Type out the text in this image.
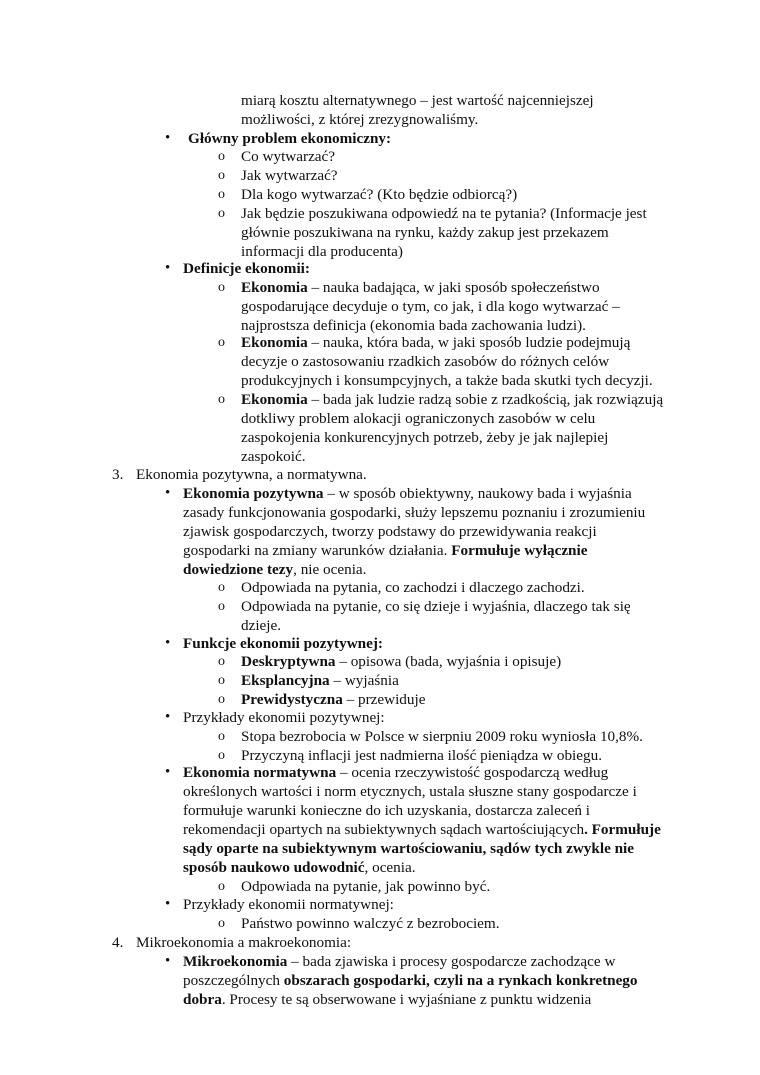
miarą kosztu alternatywnego – jest wartość najcenniejszej
możliwości, z której zrezygnowaliśmy.
• Główny problem ekonomiczny:
o Co wytwarzać?
o Jak wytwarzać?
o Dla kogo wytwarzać? (Kto będzie odbiorcą?)
o Jak będzie poszukiwana odpowiedź na te pytania? (Informacje jest
głównie poszukiwana na rynku, każdy zakup jest przekazem
informacji dla producenta)
• Definicje ekonomii:
o Ekonomia – nauka badająca, w jaki sposób społeczeństwo
gospodarujące decyduje o tym, co jak, i dla kogo wytwarzać –
najprostsza definicja (ekonomia bada zachowania ludzi).
o Ekonomia – nauka, która bada, w jaki sposób ludzie podejmują
decyzje o zastosowaniu rzadkich zasobów do różnych celów
produkcyjnych i konsumpcyjnych, a także bada skutki tych decyzji.
o Ekonomia – bada jak ludzie radzą sobie z rzadkością, jak rozwiązują
dotkliwy problem alokacji ograniczonych zasobów w celu
zaspokojenia konkurencyjnych potrzeb, żeby je jak najlepiej
zaspokoić.
3. Ekonomia pozytywna, a normatywna.
• Ekonomia pozytywna – w sposób obiektywny, naukowy bada i wyjaśnia
zasady funkcjonowania gospodarki, służy lepszemu poznaniu i zrozumieniu
zjawisk gospodarczych, tworzy podstawy do przewidywania reakcji
gospodarki na zmiany warunków działania. Formułuje wyłącznie
dowiedzione tezy, nie ocenia.
o Odpowiada na pytania, co zachodzi i dlaczego zachodzi.
o Odpowiada na pytanie, co się dzieje i wyjaśnia, dlaczego tak się
dzieje.
• Funkcje ekonomii pozytywnej:
o Deskryptywna – opisowa (bada, wyjaśnia i opisuje)
o Eksplancyjna – wyjaśnia
o Prewidystyczna – przewiduje
• Przykłady ekonomii pozytywnej:
o Stopa bezrobocia w Polsce w sierpniu 2009 roku wyniosła 10,8%.
o Przyczyną inflacji jest nadmierna ilość pieniądza w obiegu.
• Ekonomia normatywna – ocenia rzeczywistość gospodarczą według
określonych wartości i norm etycznych, ustala słuszne stany gospodarcze i
formułuje warunki konieczne do ich uzyskania, dostarcza zaleceń i
rekomendacji opartych na subiektywnych sądach wartościujących. Formułuje
sądy oparte na subiektywnym wartościowaniu, sądów tych zwykle nie
sposób naukowo udowodnić, ocenia.
o Odpowiada na pytanie, jak powinno być.
• Przykłady ekonomii normatywnej:
o Państwo powinno walczyć z bezrobociem.
4. Mikroekonomia a makroekonomia:
• Mikroekonomia – bada zjawiska i procesy gospodarcze zachodzące w
poszczególnych obszarach gospodarki, czyli na a rynkach konkretnego
dobra. Procesy te są obserwowane i wyjaśniane z punktu widzenia
